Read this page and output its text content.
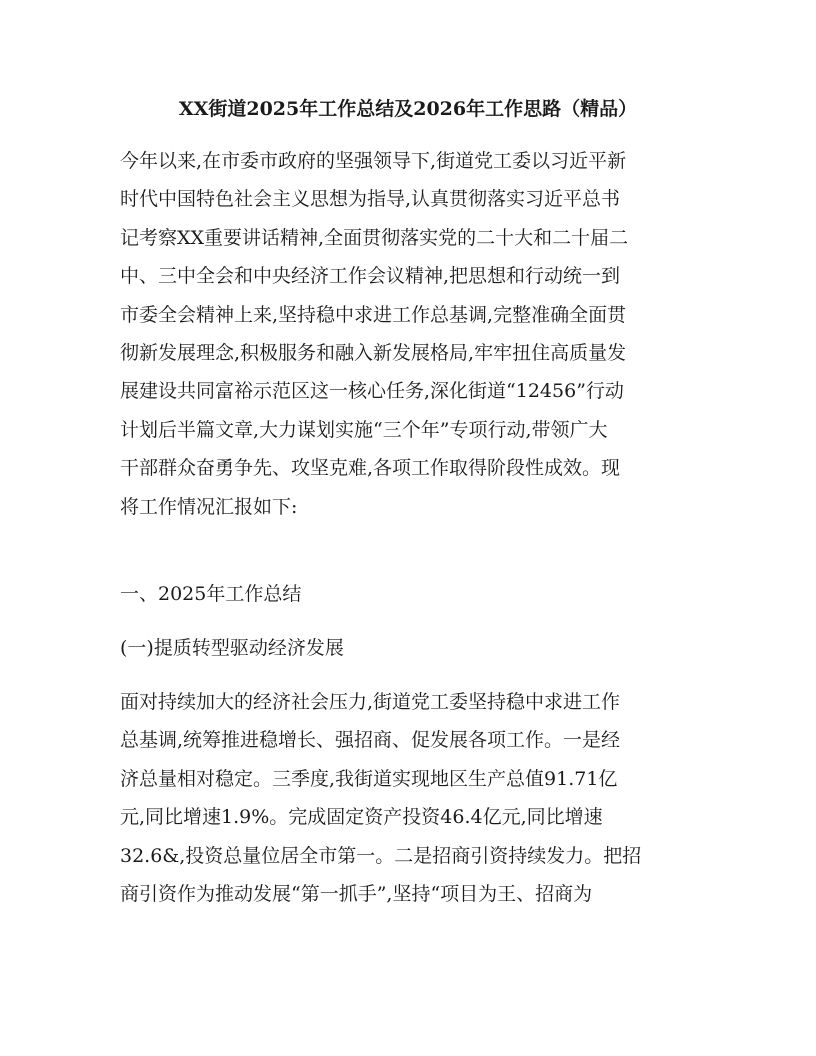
XX街道2025年工作总结及2026年工作思路（精品）
今年以来,在市委市政府的坚强领导下,街道党工委以习近平新
时代中国特色社会主义思想为指导,认真贯彻落实习近平总书
记考察XX重要讲话精神,全面贯彻落实党的二十大和二十届二
中、三中全会和中央经济工作会议精神,把思想和行动统一到
市委全会精神上来,坚持稳中求进工作总基调,完整准确全面贯
彻新发展理念,积极服务和融入新发展格局,牢牢扭住高质量发
展建设共同富裕示范区这一核心任务,深化街道“12456”行动
计划后半篇文章,大力谋划实施“三个年”专项行动,带领广大
干部群众奋勇争先、攻坚克难,各项工作取得阶段性成效。现
将工作情况汇报如下:
一、2025年工作总结
(一)提质转型驱动经济发展
面对持续加大的经济社会压力,街道党工委坚持稳中求进工作
总基调,统筹推进稳增长、强招商、促发展各项工作。一是经
济总量相对稳定。三季度,我街道实现地区生产总值91.71亿
元,同比增速1.9%。完成固定资产投资46.4亿元,同比增速
32.6&,投资总量位居全市第一。二是招商引资持续发力。把招
商引资作为推动发展“第一抓手”,坚持“项目为王、招商为
